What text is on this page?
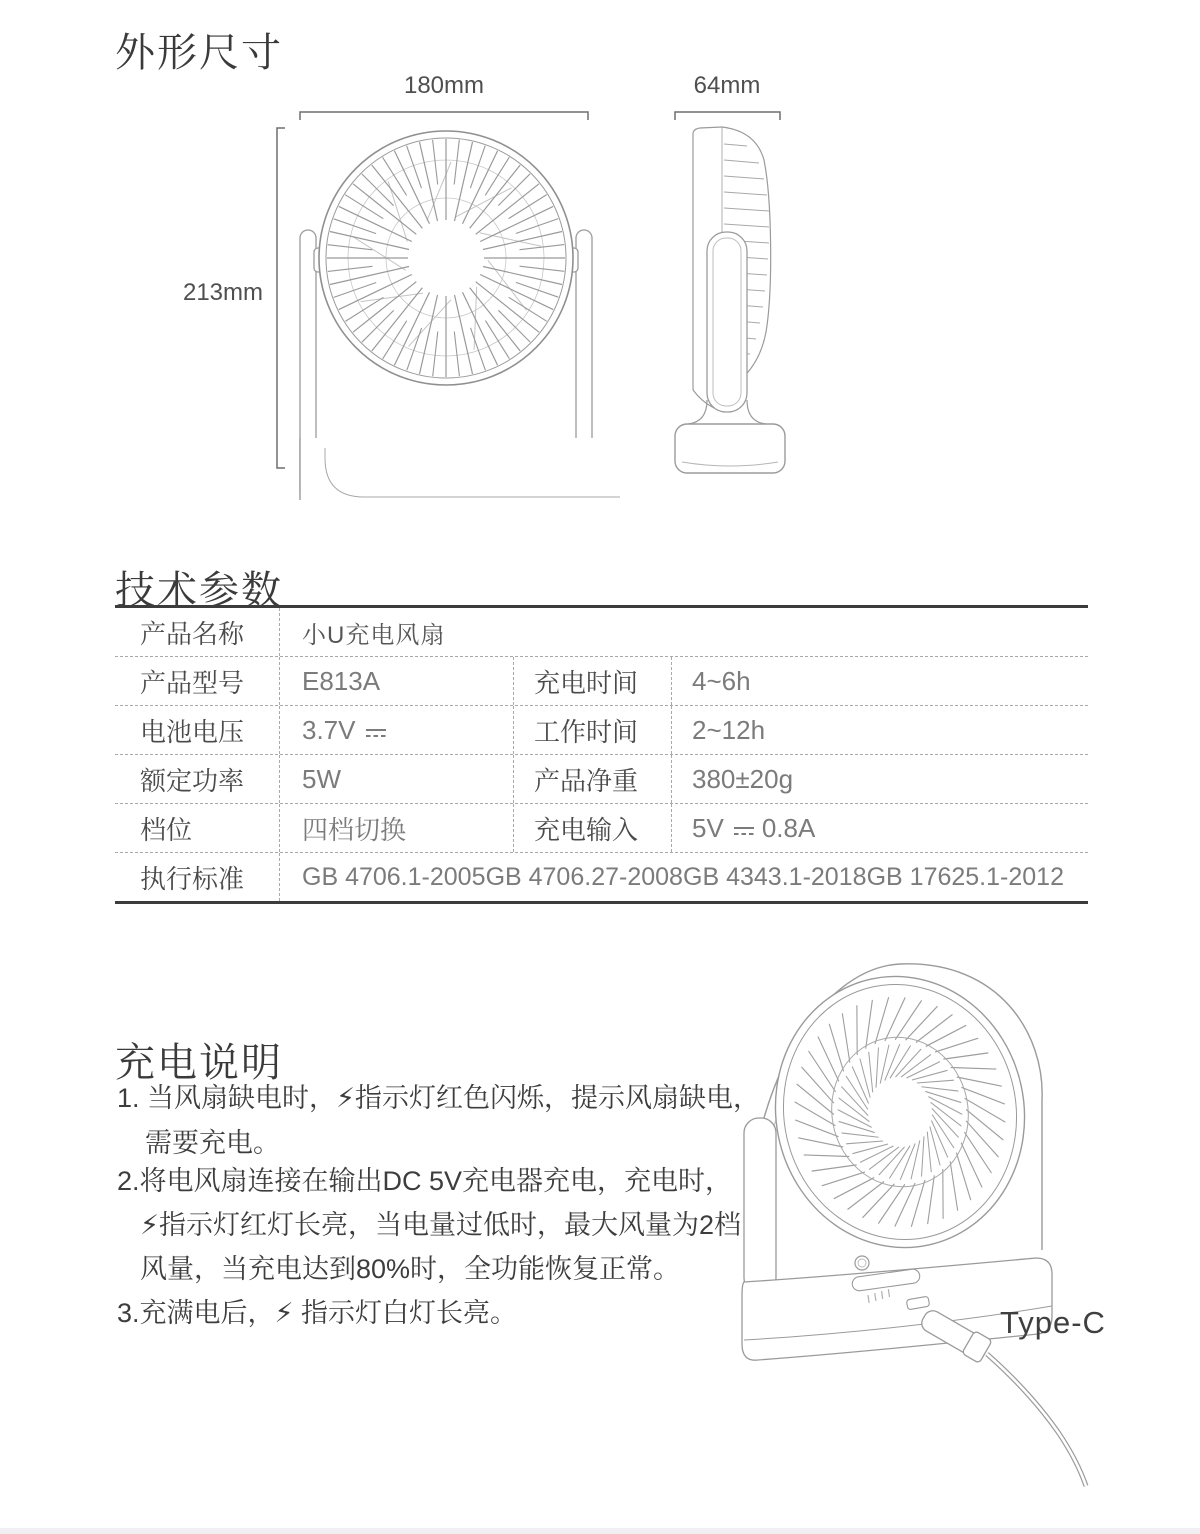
外形尺寸
180mm	64mm
213mm
技术参数
产品名称	小U充电风扇
产品型号	E813A	充电时间	4~6h
电池电压	3.7V	工作时间	2~12h
额定功率	5W	产品净重	380±20g
档位	四档切换	充电输入	5V 0.8A
执行标准	GB 4706.1-2005 GB 4706.27-2008 GB 4343.1-2018 GB 17625.1-2012
充电说明
1. 当风扇缺电时，⚡指示灯红色闪烁，提示风扇缺电，
需要充电。
2.将电风扇连接在输出DC 5V充电器充电，充电时，
⚡指示灯红灯长亮，当电量过低时，最大风量为2档
风量，当充电达到80%时，全功能恢复正常。
3.充满电后，⚡ 指示灯白灯长亮。	Type-C
